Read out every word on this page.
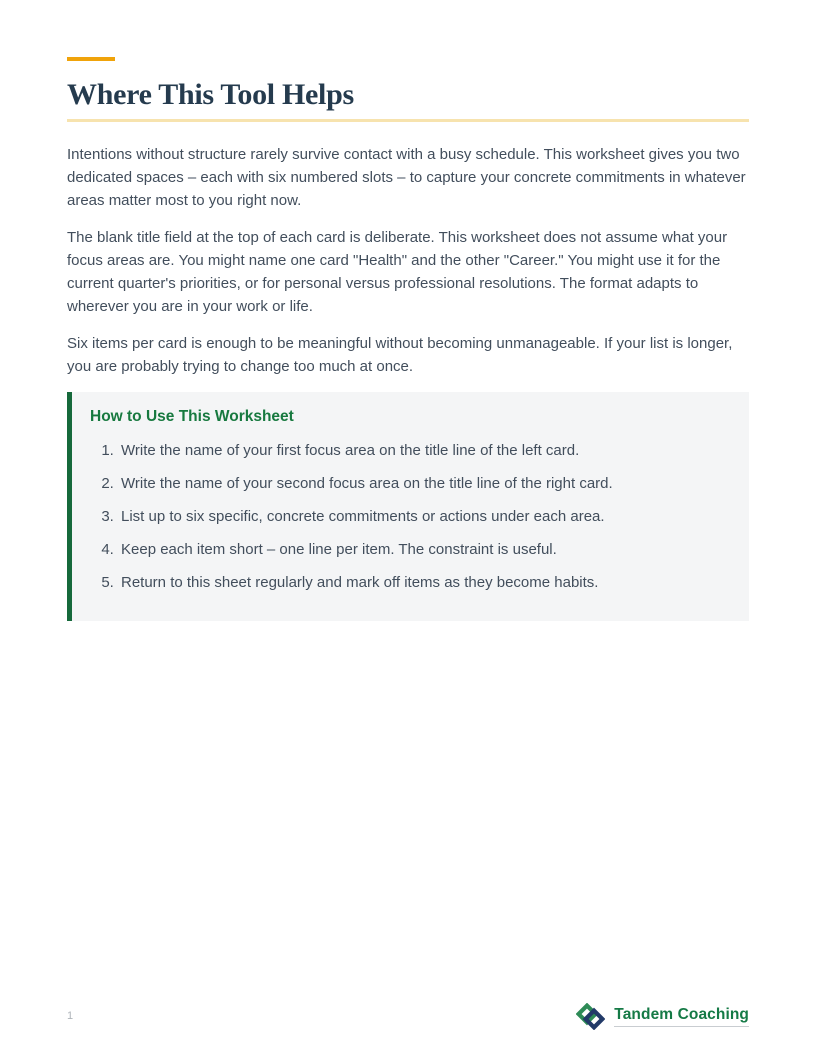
Where This Tool Helps

Intentions without structure rarely survive contact with a busy schedule. This worksheet gives you two dedicated spaces – each with six numbered slots – to capture your concrete commitments in whatever areas matter most to you right now.

The blank title field at the top of each card is deliberate. This worksheet does not assume what your focus areas are. You might name one card "Health" and the other "Career." You might use it for the current quarter's priorities, or for personal versus professional resolutions. The format adapts to wherever you are in your work or life.

Six items per card is enough to be meaningful without becoming unmanageable. If your list is longer, you are probably trying to change too much at once.

How to Use This Worksheet
1. Write the name of your first focus area on the title line of the left card.
2. Write the name of your second focus area on the title line of the right card.
3. List up to six specific, concrete commitments or actions under each area.
4. Keep each item short – one line per item. The constraint is useful.
5. Return to this sheet regularly and mark off items as they become habits.
1	Tandem Coaching
